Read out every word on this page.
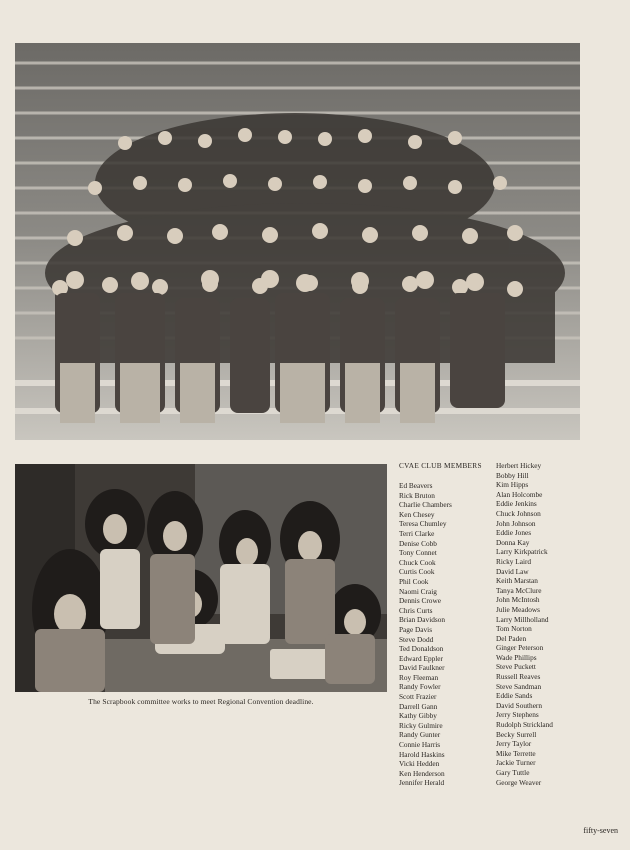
The Scrapbook committee works to meet Regional Convention deadline.
CVAE CLUB MEMBERS
Ed Beavers
Rick Bruton
Charlie Chambers
Ken Chesey
Teresa Chumley
Terri Clarke
Denise Cobb
Tony Connet
Chuck Cook
Curtis Cook
Phil Cook
Naomi Craig
Dennis Crowe
Chris Curts
Brian Davidson
Page Davis
Steve Dodd
Ted Donaldson
Edward Eppler
David Faulkner
Roy Fleeman
Randy Fowler
Scott Frazier
Darrell Gann
Kathy Gibby
Ricky Gulmire
Randy Gunter
Connie Harris
Harold Haskins
Vicki Hedden
Ken Henderson
Jennifer Herald
Herbert Hickey
Bobby Hill
Kim Hipps
Alan Holcombe
Eddie Jenkins
Chuck Johnson
John Johnson
Eddie Jones
Donna Kay
Larry Kirkpatrick
Ricky Laird
David Law
Keith Marstan
Tanya McClure
John McIntosh
Julie Meadows
Larry Millholland
Tom Norton
Del Paden
Ginger Peterson
Wade Phillips
Steve Puckett
Russell Reaves
Steve Sandman
Eddie Sands
David Southern
Jerry Stephens
Rudolph Strickland
Becky Surrell
Jerry Taylor
Mike Terrette
Jackie Turner
Gary Tuttle
George Weaver
fifty-seven
